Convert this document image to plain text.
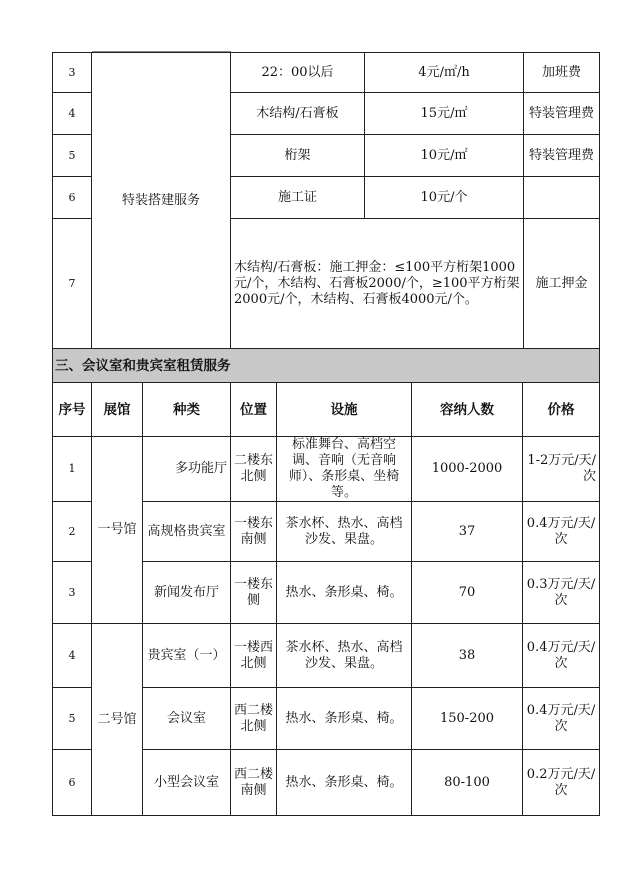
3	特装搭建服务	22：00以后	4元/㎡/h	加班费
4		木结构/石膏板	15元/㎡	特装管理费
5		桁架	10元/㎡	特装管理费
6		施工证	10元/个	
7		木结构/石膏板：施工押金：≤100平方桁架1000元/个，木结构、石膏板2000/个，≥100平方桁架2000元/个，木结构、石膏板4000元/个。		施工押金
三、会议室和贵宾室租赁服务						
序号	展馆	种类	位置	设施	容纳人数	价格
1	一号馆	多功能厅	二楼东北侧	标准舞台、高档空调、音响（无音响师）、条形桌、坐椅等。	1000-2000	1-2万元/天/次
2		高规格贵宾室	一楼东南侧	茶水杯、热水、高档沙发、果盘。	37	0.4万元/天/次
3		新闻发布厅	一楼东侧	热水、条形桌、椅。	70	0.3万元/天/次
4	二号馆	贵宾室（一）	一楼西北侧	茶水杯、热水、高档沙发、果盘。	38	0.4万元/天/次
5		会议室	西二楼北侧	热水、条形桌、椅。	150-200	0.4万元/天/次
6		小型会议室	西二楼南侧	热水、条形桌、椅。	80-100	0.2万元/天/次
